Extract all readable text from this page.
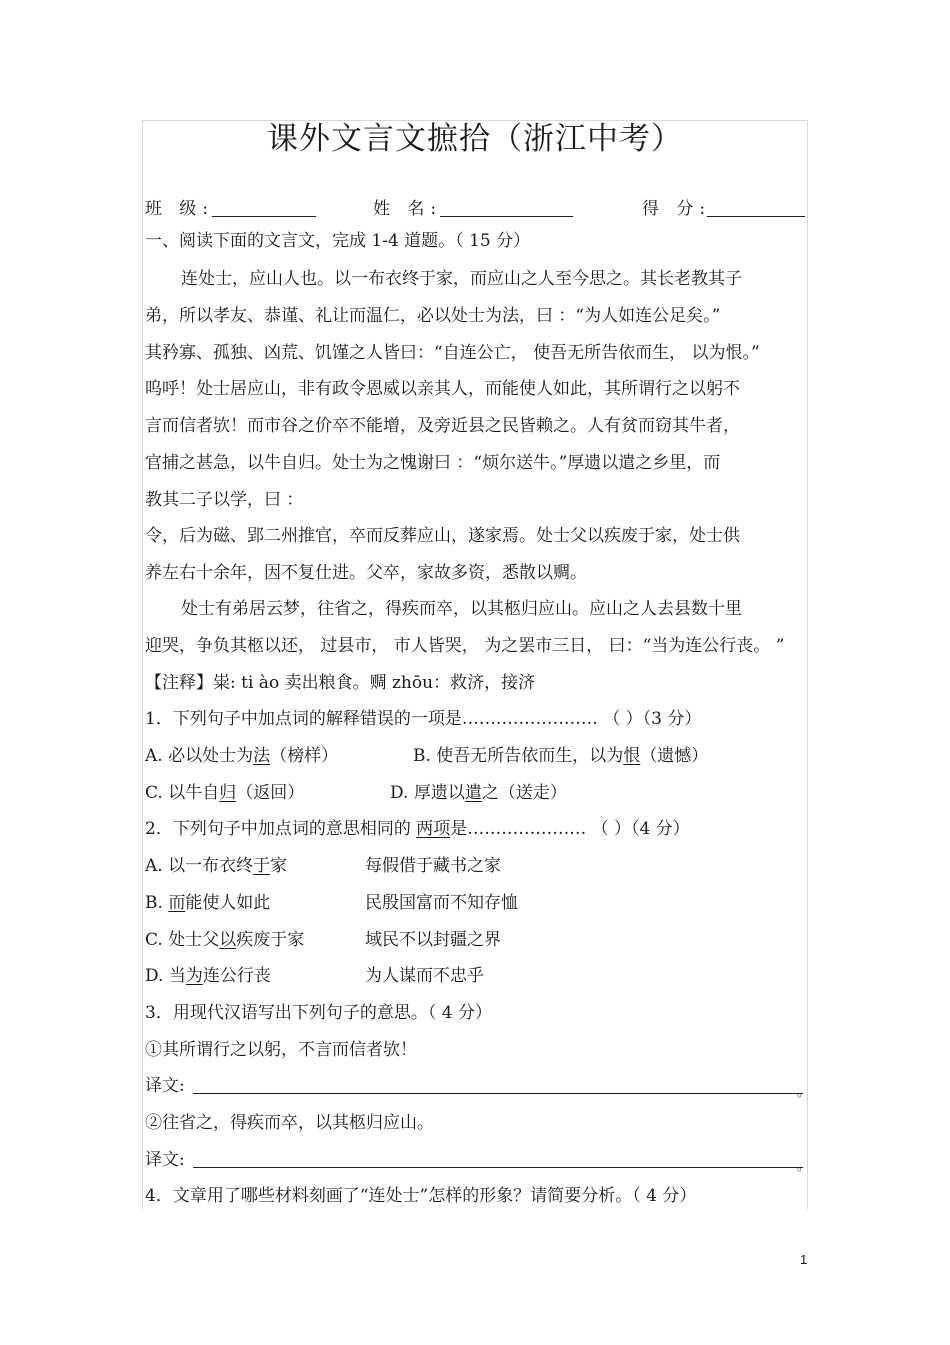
课外文言文摭拾（浙江中考）
班 级:	姓 名:	得 分:
一、阅读下面的文言文，完成 1-4 道题。（ 15 分）
连处士，应山人也。以一布衣终于家，而应山之人至今思之。其长老教其子
弟，所以孝友、恭谨、礼让而温仁，必以处士为法，曰 ：“为人如连公足矣。”
其矜寡、孤独、凶荒、饥馑之人皆曰：“自连公亡， 使吾无所告依而生， 以为恨。”
呜呼！处士居应山，非有政令恩威以亲其人，而能使人如此，其所谓行之以躬不
言而信者欤！而市谷之价卒不能增，及旁近县之民皆赖之。人有贫而窃其牛者，
官捕之甚急，以牛自归。处士为之愧谢曰 ：“烦尔送牛。”厚遗以遣之乡里，而
教其二子以学，曰 ：
令，后为磁、郢二州推官，卒而反葬应山，遂家焉。处士父以疾废于家，处士供
养左右十余年，因不复仕进。父卒，家故多资，悉散以赒。
处士有弟居云梦，往省之，得疾而卒，以其柩归应山。应山之人去县数十里
迎哭，争负其柩以还， 过县市， 市人皆哭， 为之罢市三日， 曰：“当为连公行丧。 ”
【注释】粜: ti ào 卖出粮食。赒 zhōu：救济，接济
1．下列句子中加点词的解释错误的一项是…………………… （ ）（3 分）
A. 必以处士为法（榜样）	B. 使吾无所告依而生，以为恨（遗憾）
C. 以牛自归（返回）	D. 厚遗以遣之（送走）
2．下列句子中加点词的意思相同的 两项是………………… （ ）（4 分）
A. 以一布衣终于家	每假借于藏书之家
B. 而能使人如此	民殷国富而不知存恤
C. 处士父以疾废于家	域民不以封疆之界
D. 当为连公行丧	为人谋而不忠乎
3．用现代汉语写出下列句子的意思。（ 4 分）
①其所谓行之以躬，不言而信者欤！
译文:	。
②往省之，得疾而卒，以其柩归应山。
译文:	。
4．文章用了哪些材料刻画了“连处士”怎样的形象？请简要分析。（ 4 分）
1
